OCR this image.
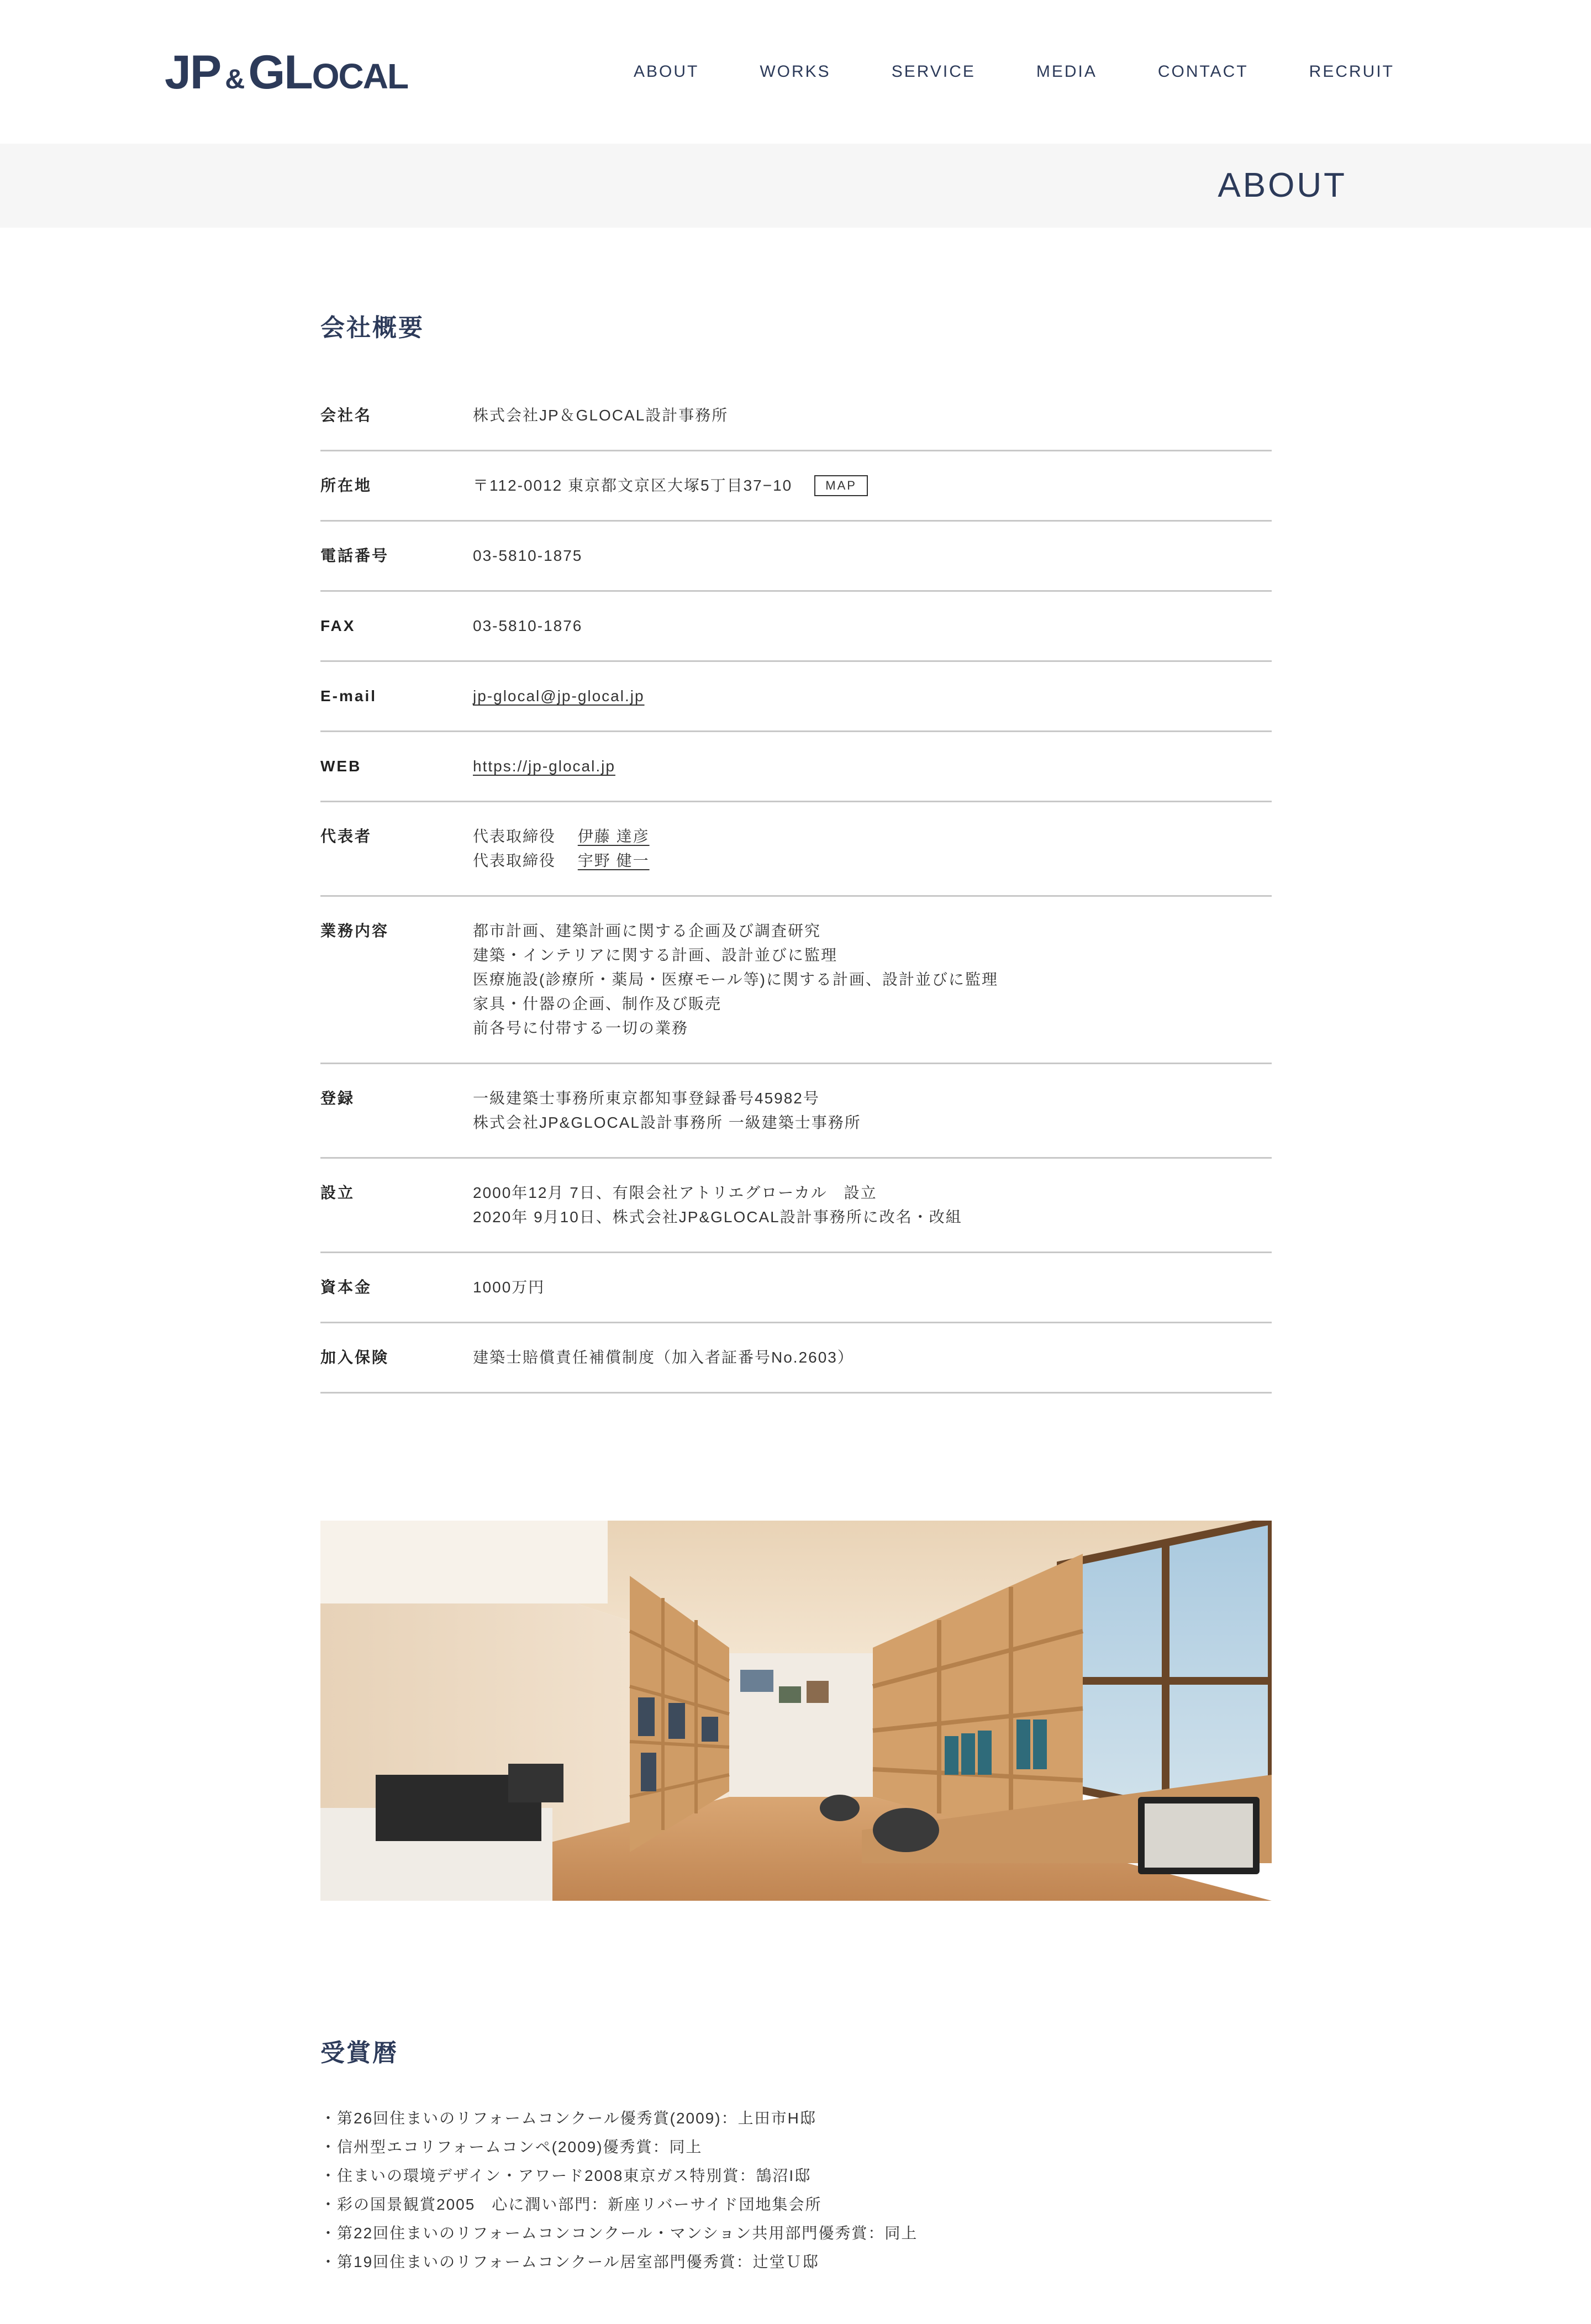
JP & GL OCAL	ABOUT	WORKS	SERVICE	MEDIA	CONTACT	RECRUIT
ABOUT
会社概要
会社名	株式会社JP＆GLOCAL設計事務所
所在地	〒112-0012 東京都文京区大塚5丁目37−10	MAP
電話番号	03-5810-1875
FAX	03-5810-1876
E-mail	jp-glocal@jp-glocal.jp
WEB	https://jp-glocal.jp
代表者	代表取締役　 伊藤 達彦
代表取締役　 宇野 健一
業務内容	都市計画、建築計画に関する企画及び調査研究
建築・インテリアに関する計画、設計並びに監理
医療施設(診療所・薬局・医療モール等)に関する計画、設計並びに監理
家具・什器の企画、制作及び販売
前各号に付帯する一切の業務
登録	一級建築士事務所東京都知事登録番号45982号
株式会社JP&GLOCAL設計事務所 一級建築士事務所
設立	2000年12月 7日、有限会社アトリエグローカル　設立
2020年 9月10日、株式会社JP&GLOCAL設計事務所に改名・改組
資本金	1000万円
加入保険	建築士賠償責任補償制度（加入者証番号No.2603）
受賞暦
・第26回住まいのリフォームコンクール優秀賞(2009)：上田市H邸
・信州型エコリフォームコンペ(2009)優秀賞：同上
・住まいの環境デザイン・アワード2008東京ガス特別賞：鵠沼I邸
・彩の国景観賞2005　心に潤い部門：新座リバーサイド団地集会所
・第22回住まいのリフォームコンコンクール・マンション共用部門優秀賞：同上
・第19回住まいのリフォームコンクール居室部門優秀賞：辻堂Ｕ邸
